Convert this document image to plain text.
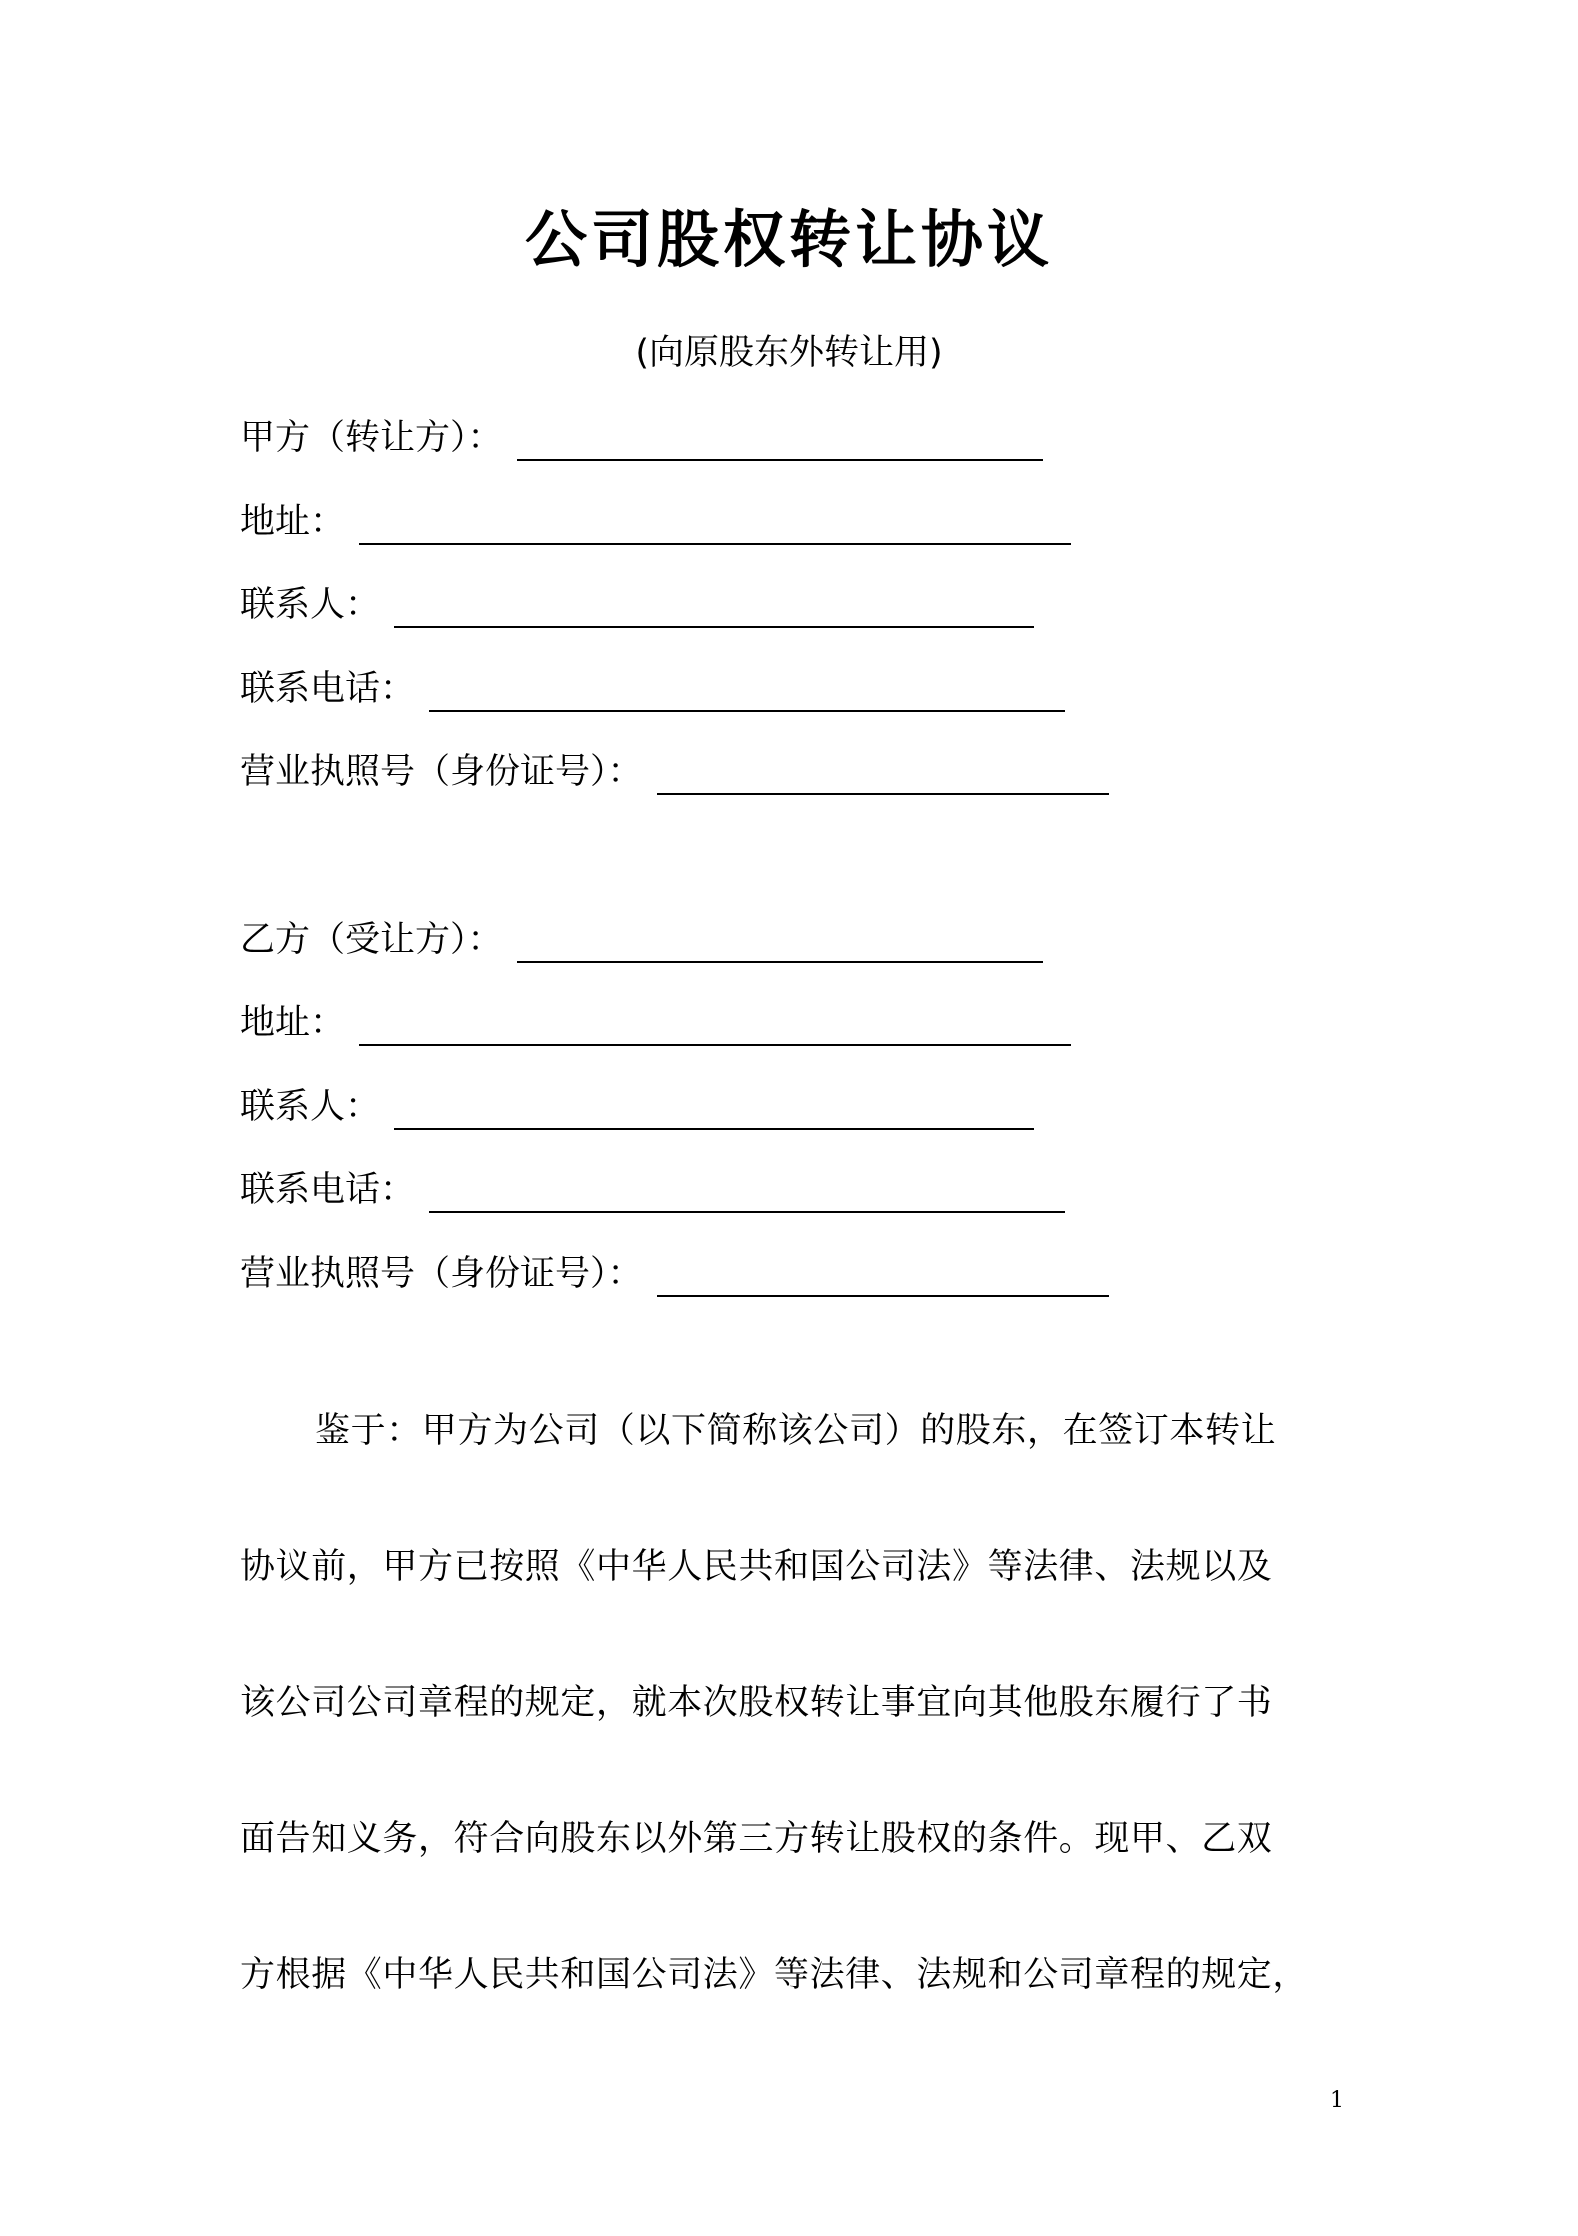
公司股权转让协议
(向原股东外转让用)
甲方（转让方）：
地址：
联系人：
联系电话：
营业执照号（身份证号）：
乙方（受让方）：
地址：
联系人：
联系电话：
营业执照号（身份证号）：
鉴于：甲方为公司（以下简称该公司）的股东，在签订本转让
协议前，甲方已按照《中华人民共和国公司法》等法律、法规以及
该公司公司章程的规定，就本次股权转让事宜向其他股东履行了书
面告知义务，符合向股东以外第三方转让股权的条件。现甲、乙双
方根据《中华人民共和国公司法》等法律、法规和公司章程的规定，
1
